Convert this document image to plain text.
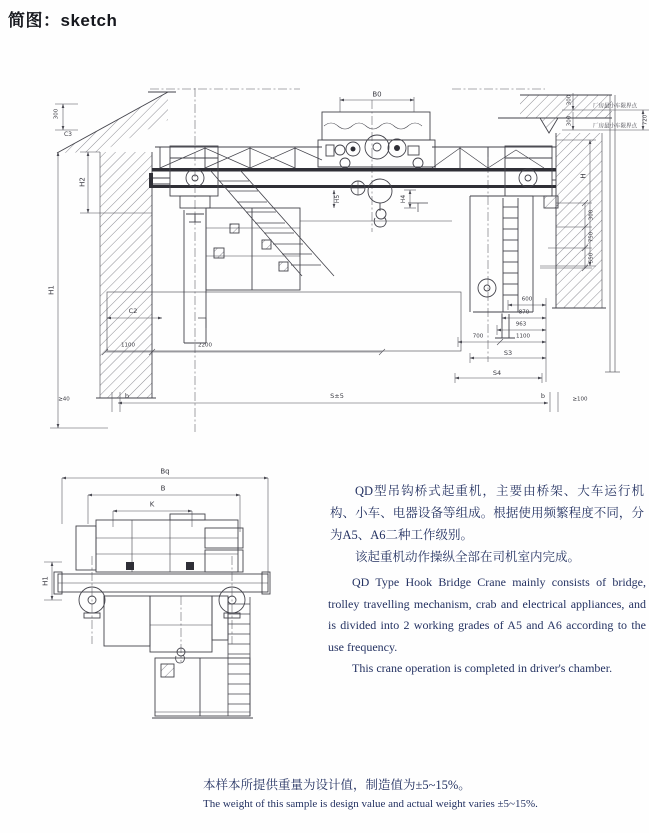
简图：sketch
B0
厂房最小车限界点
厂房最小车限界点
300
300	720
H
300
750
550
600
870
963
700	1100
S3
S4
H5	H4
H2
H1
300
C3
C2
1100	2200
b	S±5	b
≥40	≥100
Bq
B
K
H1

QD型吊钩桥式起重机，主要由桥架、大车运行机构、小车、电器设备等组成。根据使用频繁程度不同，分为A5、A6二种工作级别。

该起重机动作操纵全部在司机室内完成。

QD Type Hook Bridge Crane mainly consists of bridge, trolley travelling mechanism, crab and electrical appliances, and is divided into 2 working grades of A5 and A6 according to the use frequency.

This crane operation is completed in driver's chamber.

本样本所提供重量为设计值，制造值为±5~15%。

The weight of this sample is design value and actual weight varies ±5~15%.
